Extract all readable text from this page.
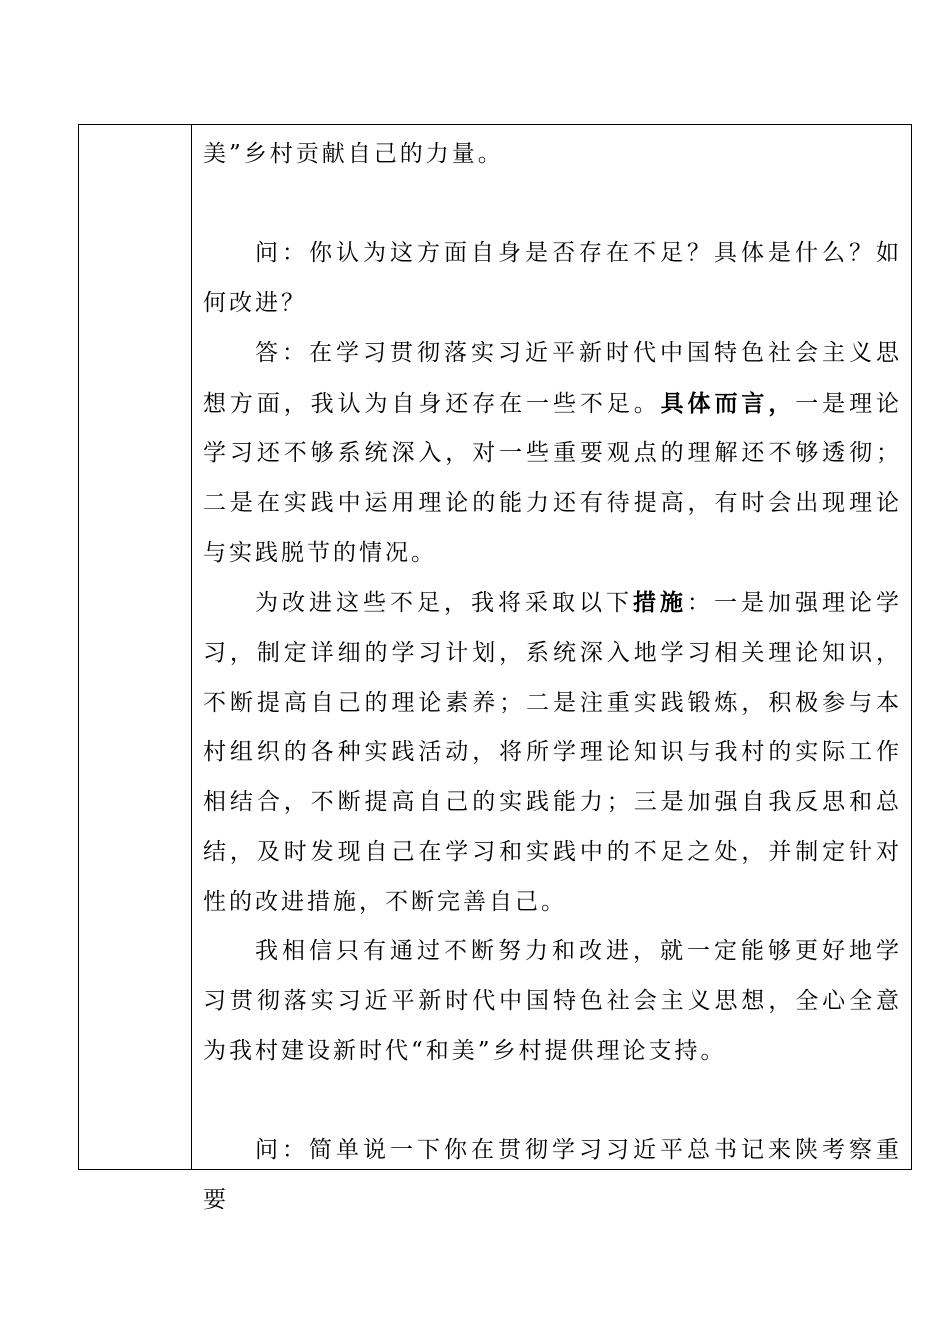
美”乡村贡献自己的力量。

问：你认为这方面自身是否存在不足？具体是什么？如何改进？

答：在学习贯彻落实习近平新时代中国特色社会主义思想方面，我认为自身还存在一些不足。具体而言，一是理论学习还不够系统深入，对一些重要观点的理解还不够透彻；二是在实践中运用理论的能力还有待提高，有时会出现理论与实践脱节的情况。

为改进这些不足，我将采取以下措施：一是加强理论学习，制定详细的学习计划，系统深入地学习相关理论知识，不断提高自己的理论素养；二是注重实践锻炼，积极参与本村组织的各种实践活动，将所学理论知识与我村的实际工作相结合，不断提高自己的实践能力；三是加强自我反思和总结，及时发现自己在学习和实践中的不足之处，并制定针对性的改进措施，不断完善自己。

我相信只有通过不断努力和改进，就一定能够更好地学习贯彻落实习近平新时代中国特色社会主义思想，全心全意为我村建设新时代“和美”乡村提供理论支持。

问：简单说一下你在贯彻学习习近平总书记来陕考察重要
